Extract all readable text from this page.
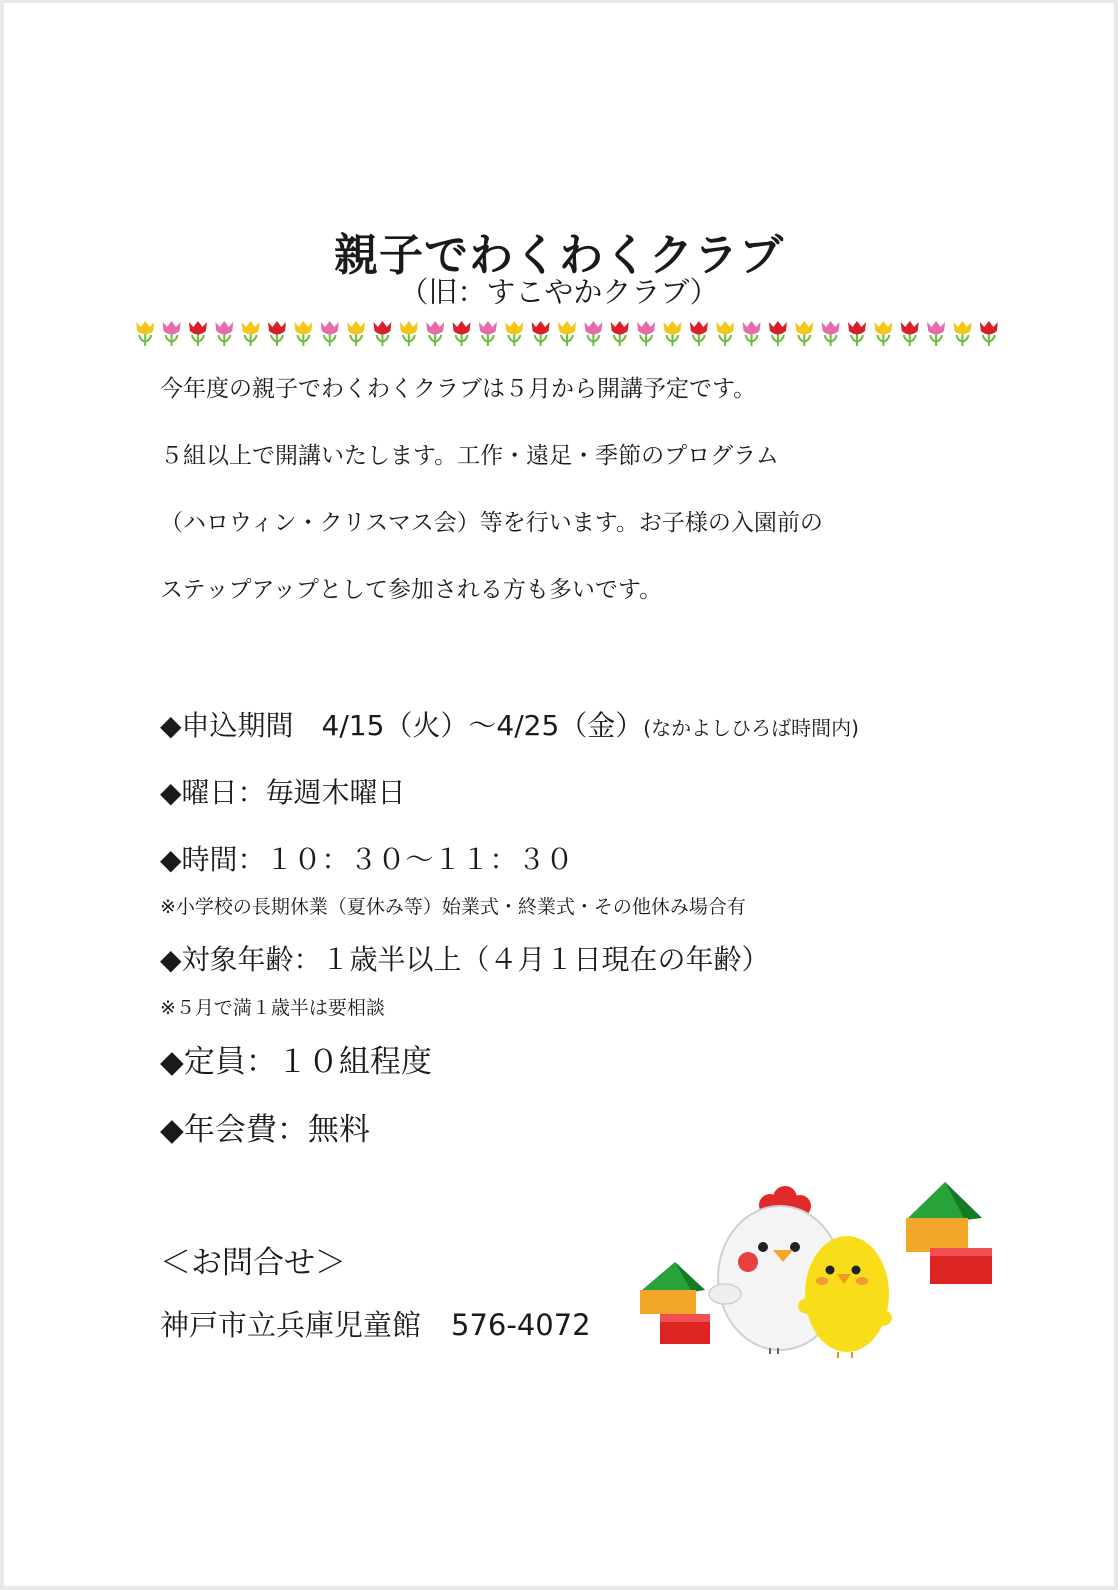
親子でわくわくクラブ
（旧：すこやかクラブ）

今年度の親子でわくわくクラブは５月から開講予定です。

５組以上で開講いたします。工作・遠足・季節のプログラム

（ハロウィン・クリスマス会）等を行います。お子様の入園前の

ステップアップとして参加される方も多いです。

◆申込期間　4/15（火）～4/25（金）(なかよしひろば時間内)

◆曜日：毎週木曜日

◆時間：１０：３０～１１：３０

※小学校の長期休業（夏休み等）始業式・終業式・その他休み場合有

◆対象年齢：１歳半以上（４月１日現在の年齢）

※５月で満１歳半は要相談

◆定員：１０組程度

◆年会費：無料

＜お問合せ＞

神戸市立兵庫児童館 576-4072
